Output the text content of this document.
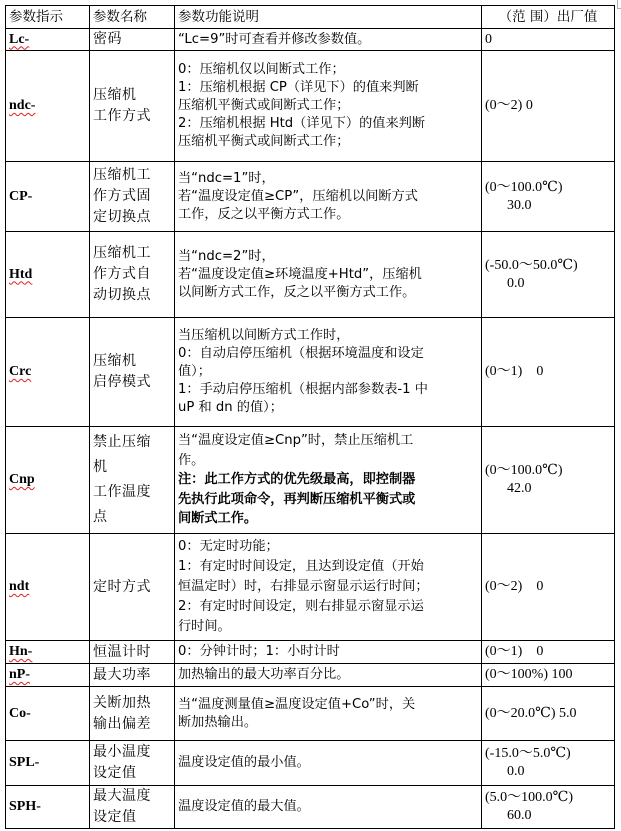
参数指示	参数名称	参数功能说明	（范 围）出厂值
Lc-	密码	“Lc=9”时可查看并修改参数值。	0

ndc-	压缩机
工作方式	0：压缩机仅以间断式工作；
1：压缩机根据 CP（详见下）的值来判断
压缩机平衡式或间断式工作；
2：压缩机根据 Htd（详见下）的值来判断
压缩机平衡式或间断式工作；	(0～2) 0

CP-	压缩机工
作方式固
定切换点	当“ndc=1”时，
若“温度设定值≥CP”，压缩机以间断方式
工作，反之以平衡方式工作。	(0～100.0℃)
30.0

Htd	压缩机工
作方式自
动切换点	当“ndc=2”时，
若“温度设定值≥环境温度+Htd”，压缩机
以间断方式工作，反之以平衡方式工作。	(-50.0～50.0℃)
0.0

Crc	压缩机
启停模式	当压缩机以间断方式工作时，
0：自动启停压缩机（根据环境温度和设定
值）；
1：手动启停压缩机（根据内部参数表-1 中
uP 和 dn 的值）；	(0～1)    0

Cnp	禁止压缩
机
工作温度
点	当“温度设定值≥Cnp”时，禁止压缩机工
作。
注：此工作方式的优先级最高，即控制器
先执行此项命令，再判断压缩机平衡式或
间断式工作。	(0～100.0℃)
42.0

ndt	定时方式	0：无定时功能；
1：有定时时间设定，且达到设定值（开始
恒温定时）时，右排显示窗显示运行时间；
2：有定时时间设定，则右排显示窗显示运
行时间。	(0～2)    0

Hn-	恒温计时	0：分钟计时；1：小时计时	(0～1)    0

nP-	最大功率	加热输出的最大功率百分比。	(0～100%) 100

Co-	关断加热
输出偏差	当“温度测量值≥温度设定值+Co”时，关
断加热输出。	(0～20.0℃) 5.0

SPL-	最小温度
设定值	温度设定值的最小值。	(-15.0～5.0℃)
0.0

SPH-	最大温度
设定值	温度设定值的最大值。	(5.0～100.0℃)
60.0
